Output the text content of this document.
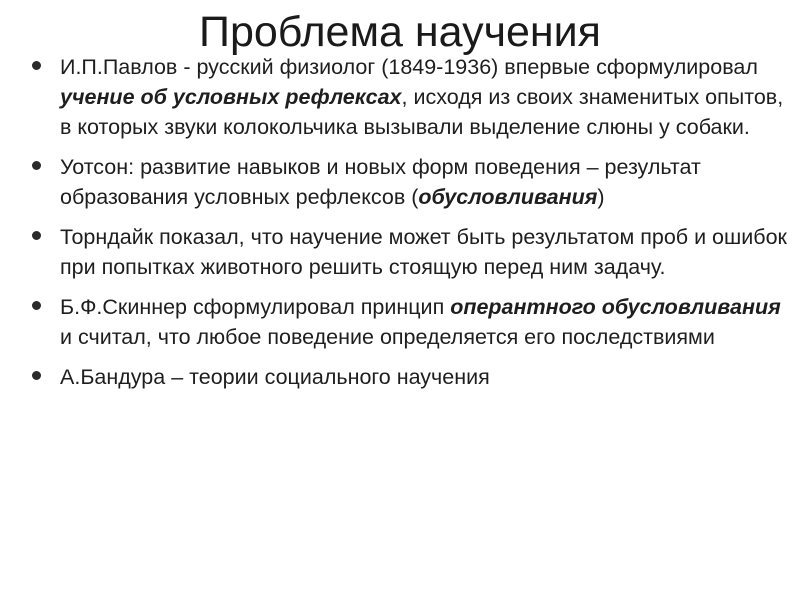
Проблема научения
И.П.Павлов - русский физиолог (1849-1936) впервые сформулировал учение об условных рефлексах, исходя из своих знаменитых опытов, в которых звуки колокольчика вызывали выделение слюны у собаки.
Уотсон: развитие навыков и новых форм поведения – результат образования условных рефлексов (обусловливания)
Торндайк показал, что научение может быть результатом проб и ошибок при попытках животного решить стоящую перед ним задачу.
Б.Ф.Скиннер сформулировал принцип оперантного обусловливания и считал, что любое поведение определяется его последствиями
А.Бандура – теории социального научения
